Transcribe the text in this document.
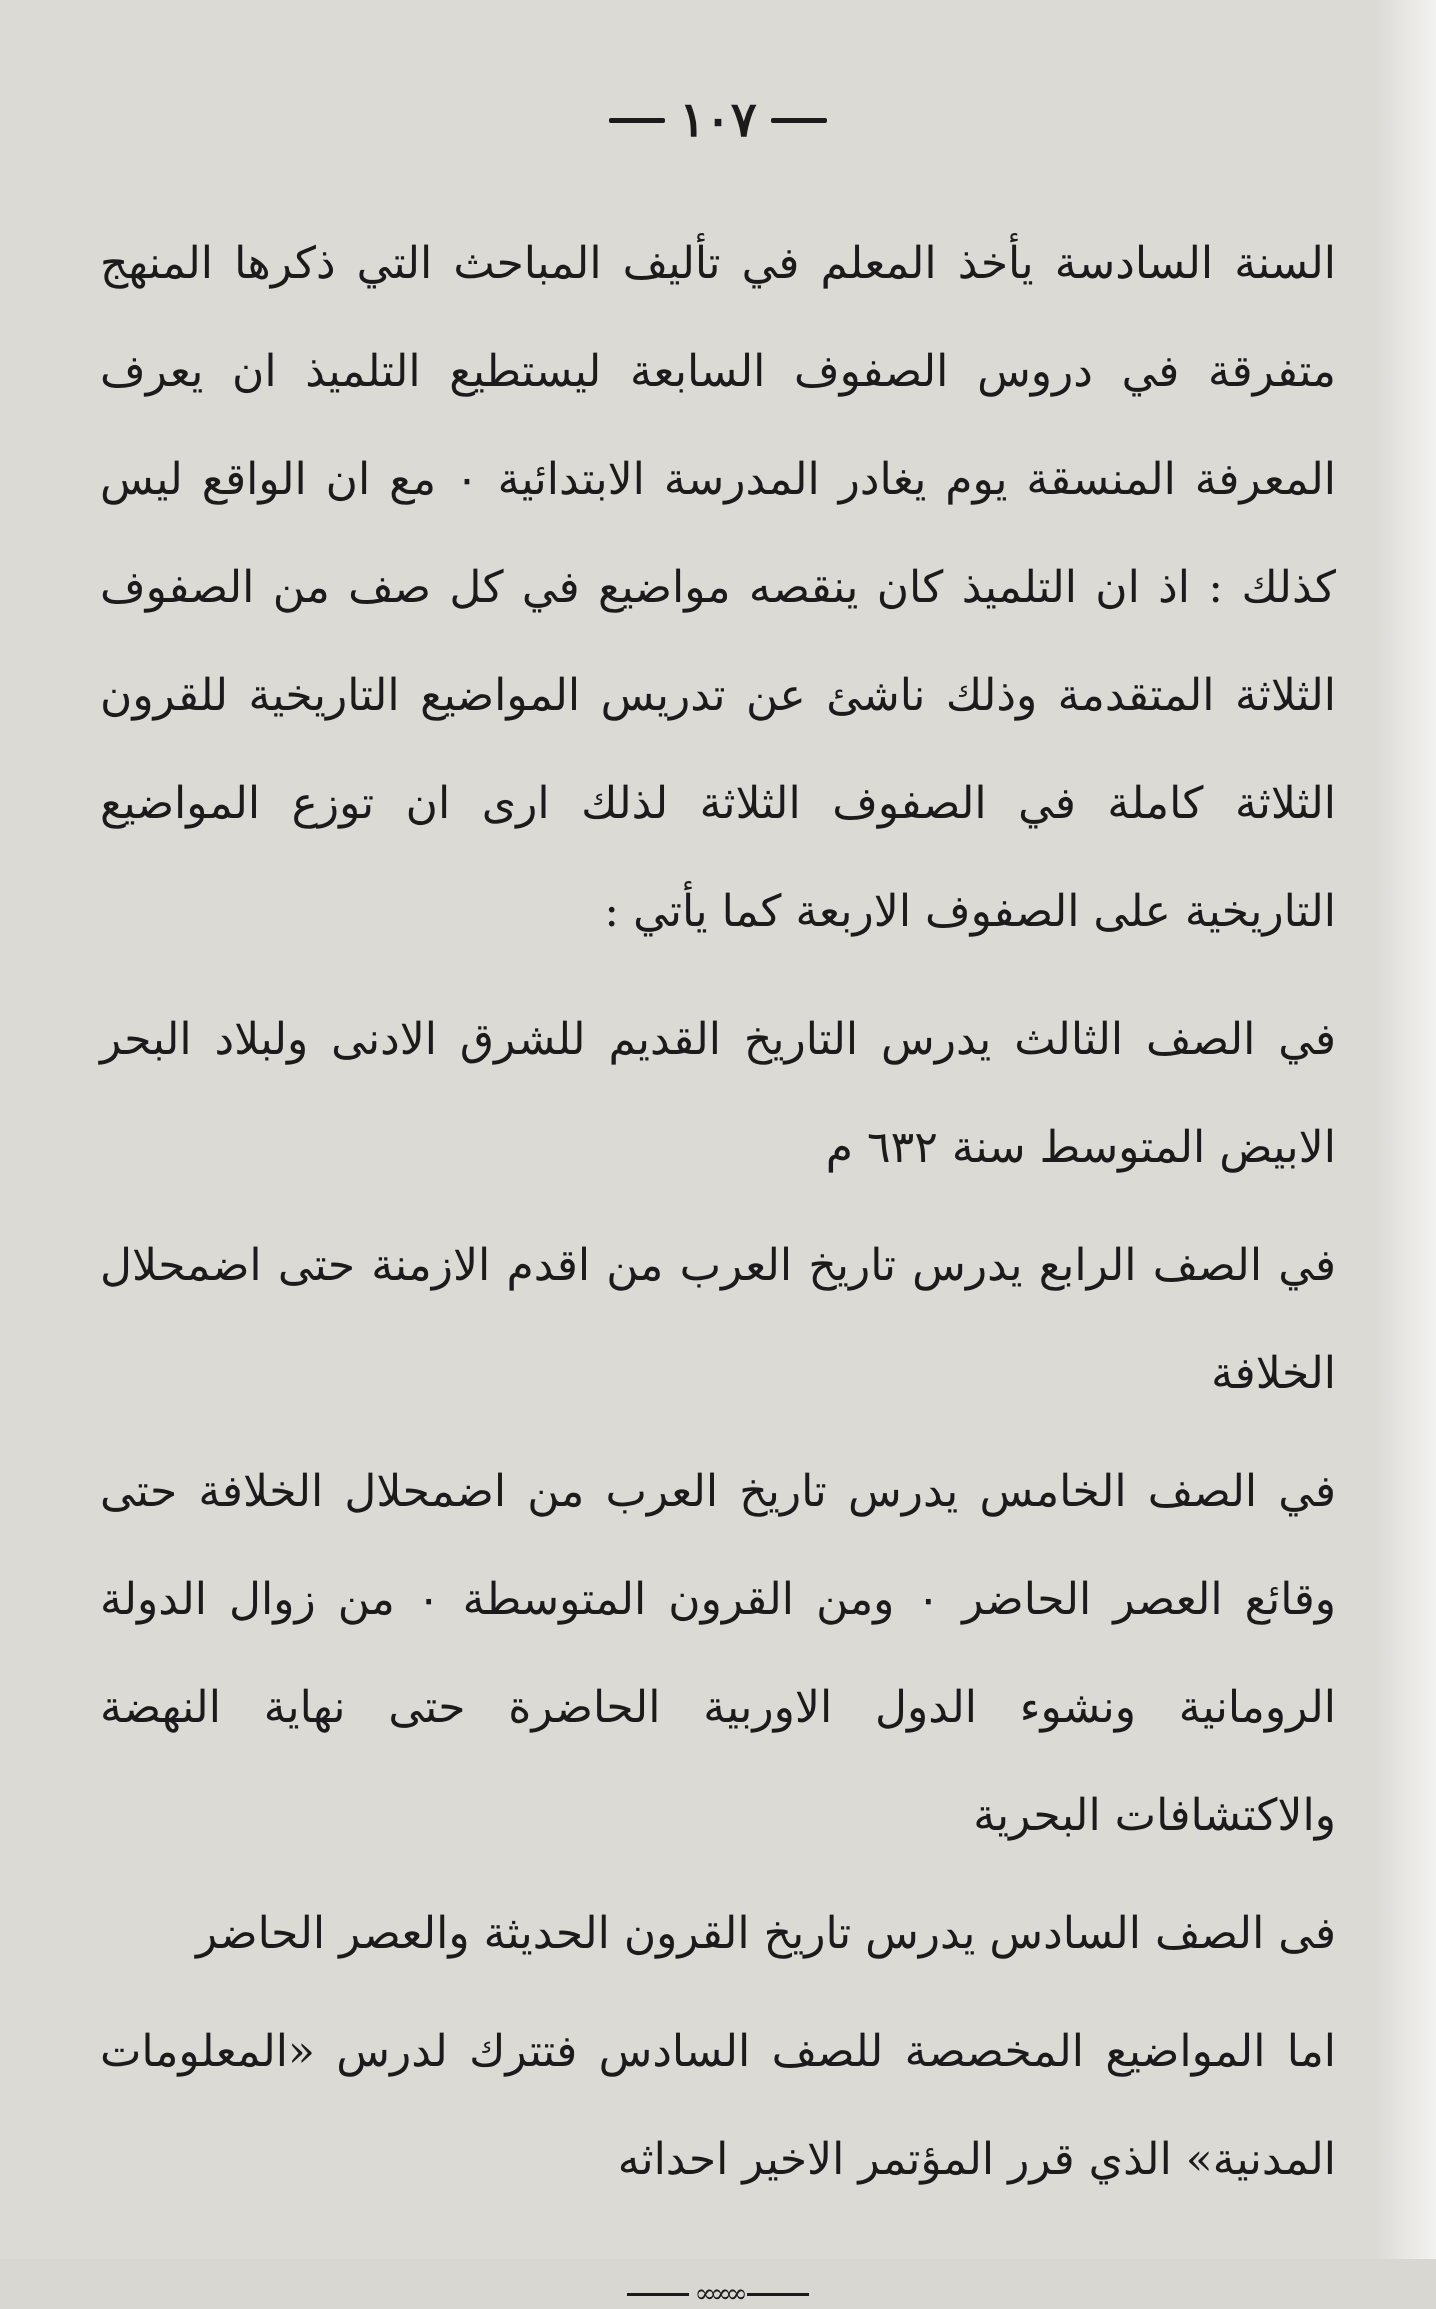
١٠٧

السنة السادسة يأخذ المعلم في تأليف المباحث التي ذكرها المنهج متفرقة في دروس الصفوف السابعة ليستطيع التلميذ ان يعرف المعرفة المنسقة يوم يغادر المدرسة الابتدائية ٠ مع ان الواقع ليس كذلك : اذ ان التلميذ كان ينقصه مواضيع في كل صف من الصفوف الثلاثة المتقدمة وذلك ناشئ عن تدريس المواضيع التاريخية للقرون الثلاثة كاملة في الصفوف الثلاثة لذلك ارى ان توزع المواضيع التاريخية على الصفوف الاربعة كما يأتي :

في الصف الثالث يدرس التاريخ القديم للشرق الادنى ولبلاد البحر الابيض المتوسط سنة ٦٣٢ م

في الصف الرابع يدرس تاريخ العرب من اقدم الازمنة حتى اضمحلال الخلافة

في الصف الخامس يدرس تاريخ العرب من اضمحلال الخلافة حتى وقائع العصر الحاضر ٠ ومن القرون المتوسطة ٠ من زوال الدولة الرومانية ونشوء الدول الاوربية الحاضرة حتى نهاية النهضة والاكتشافات البحرية

فى الصف السادس يدرس تاريخ القرون الحديثة والعصر الحاضر

اما المواضيع المخصصة للصف السادس فتترك لدرس «المعلومات المدنية» الذي قرر المؤتمر الاخير احداثه

∞∞∞
